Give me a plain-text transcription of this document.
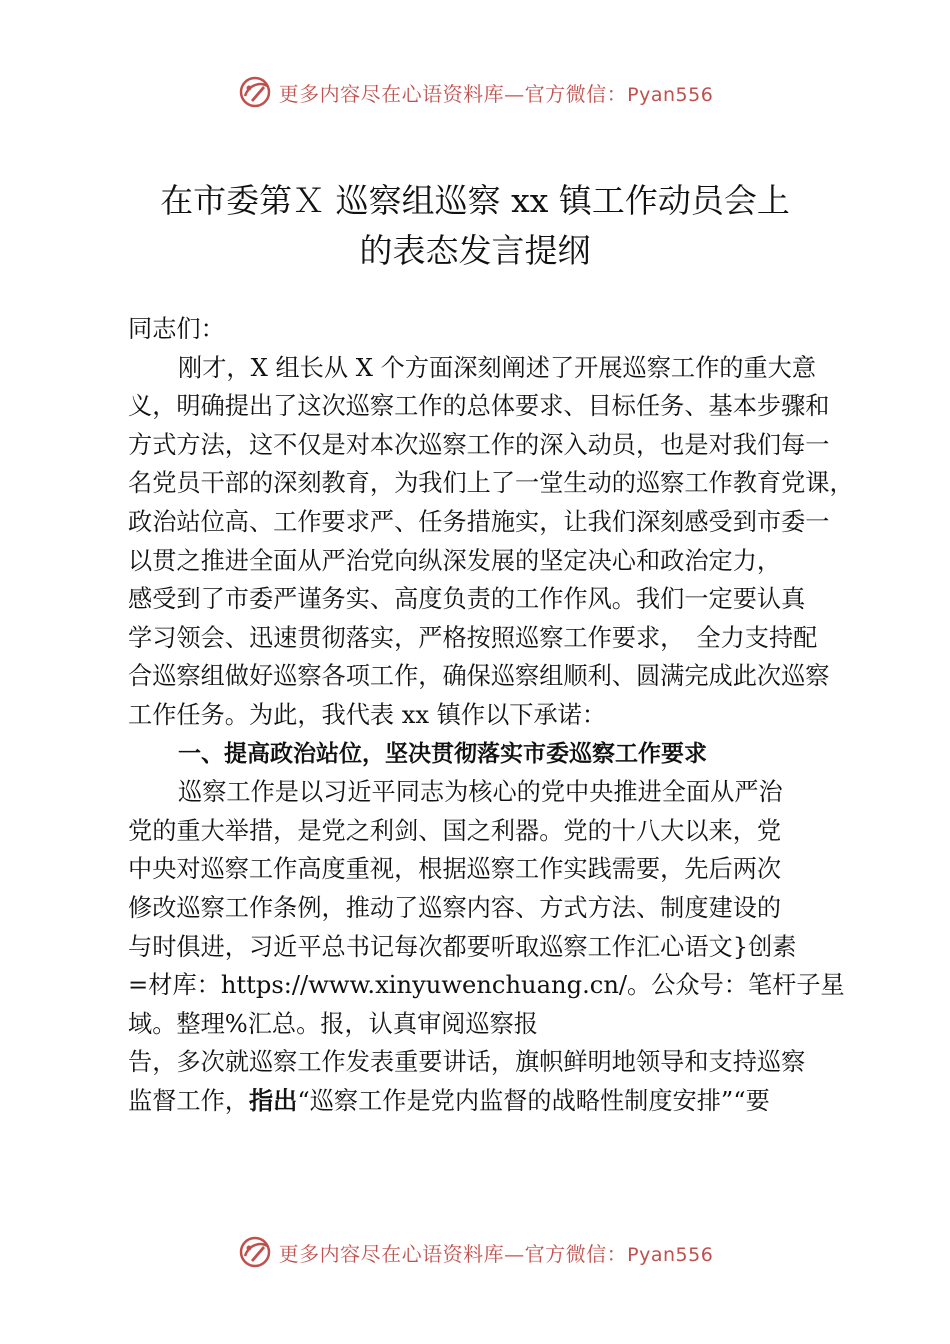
更多内容尽在心语资料库—官方微信：Pyan556
在市委第Ｘ 巡察组巡察 xx 镇工作动员会上
的表态发言提纲
同志们：
刚才，X 组长从 X 个方面深刻阐述了开展巡察工作的重大意
义，明确提出了这次巡察工作的总体要求、目标任务、基本步骤和
方式方法，这不仅是对本次巡察工作的深入动员，也是对我们每一
名党员干部的深刻教育，为我们上了一堂生动的巡察工作教育党课，
政治站位高、工作要求严、任务措施实，让我们深刻感受到市委一
以贯之推进全面从严治党向纵深发展的坚定决心和政治定力，
感受到了市委严谨务实、高度负责的工作作风。我们一定要认真
学习领会、迅速贯彻落实，严格按照巡察工作要求，　全力支持配
合巡察组做好巡察各项工作，确保巡察组顺利、圆满完成此次巡察
工作任务。为此，我代表 xx 镇作以下承诺：
一、提高政治站位，坚决贯彻落实市委巡察工作要求
巡察工作是以习近平同志为核心的党中央推进全面从严治
党的重大举措，是党之利剑、国之利器。党的十八大以来，党
中央对巡察工作高度重视，根据巡察工作实践需要，先后两次
修改巡察工作条例，推动了巡察内容、方式方法、制度建设的
与时俱进，习近平总书记每次都要听取巡察工作汇心语文}创素
=材库：https://www.xinyuwenchuang.cn/。公众号：笔杆子星
域。整理%汇总。报，认真审阅巡察报
告，多次就巡察工作发表重要讲话，旗帜鲜明地领导和支持巡察
监督工作，指出“巡察工作是党内监督的战略性制度安排”“要
更多内容尽在心语资料库—官方微信：Pyan556
